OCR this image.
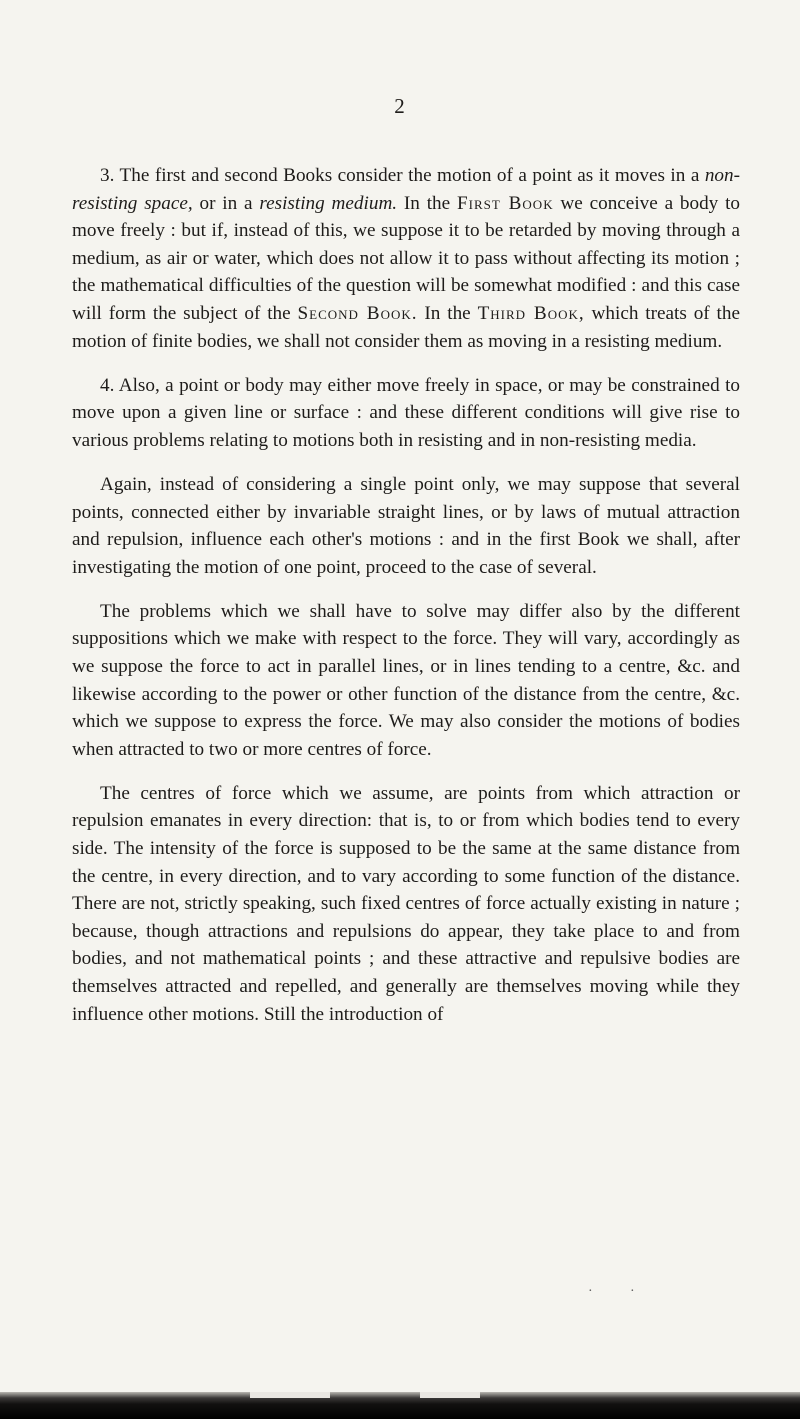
2

3. The first and second Books consider the motion of a point as it moves in a non-resisting space, or in a resisting medium. In the First Book we conceive a body to move freely : but if, instead of this, we suppose it to be retarded by moving through a medium, as air or water, which does not allow it to pass without affecting its motion ; the mathematical difficulties of the question will be somewhat modified : and this case will form the subject of the Second Book. In the Third Book, which treats of the motion of finite bodies, we shall not consider them as moving in a resisting medium.

4. Also, a point or body may either move freely in space, or may be constrained to move upon a given line or surface : and these different conditions will give rise to various problems relating to motions both in resisting and in non-resisting media.

Again, instead of considering a single point only, we may suppose that several points, connected either by invariable straight lines, or by laws of mutual attraction and repulsion, influence each other's motions : and in the first Book we shall, after investigating the motion of one point, proceed to the case of several.

The problems which we shall have to solve may differ also by the different suppositions which we make with respect to the force. They will vary, accordingly as we suppose the force to act in parallel lines, or in lines tending to a centre, &c. and likewise according to the power or other function of the distance from the centre, &c. which we suppose to express the force. We may also consider the motions of bodies when attracted to two or more centres of force.

The centres of force which we assume, are points from which attraction or repulsion emanates in every direction: that is, to or from which bodies tend to every side. The intensity of the force is supposed to be the same at the same distance from the centre, in every direction, and to vary according to some function of the distance. There are not, strictly speaking, such fixed centres of force actually existing in nature ; because, though attractions and repulsions do appear, they take place to and from bodies, and not mathematical points ; and these attractive and repulsive bodies are themselves attracted and repelled, and generally are themselves moving while they influence other motions. Still the introduction of

·	·
